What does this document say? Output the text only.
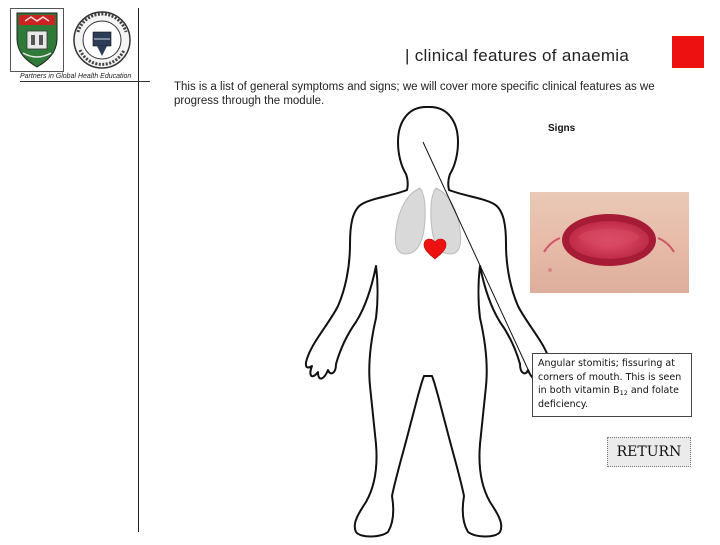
Partners in Global Health Education
| clinical features of anaemia
This is a list of general symptoms and signs; we will cover more specific clinical features as we progress through the module.
Signs
Angular stomitis; fissuring at corners of mouth. This is seen in both vitamin $B_{12}$ and folate deficiency.
RETURN
